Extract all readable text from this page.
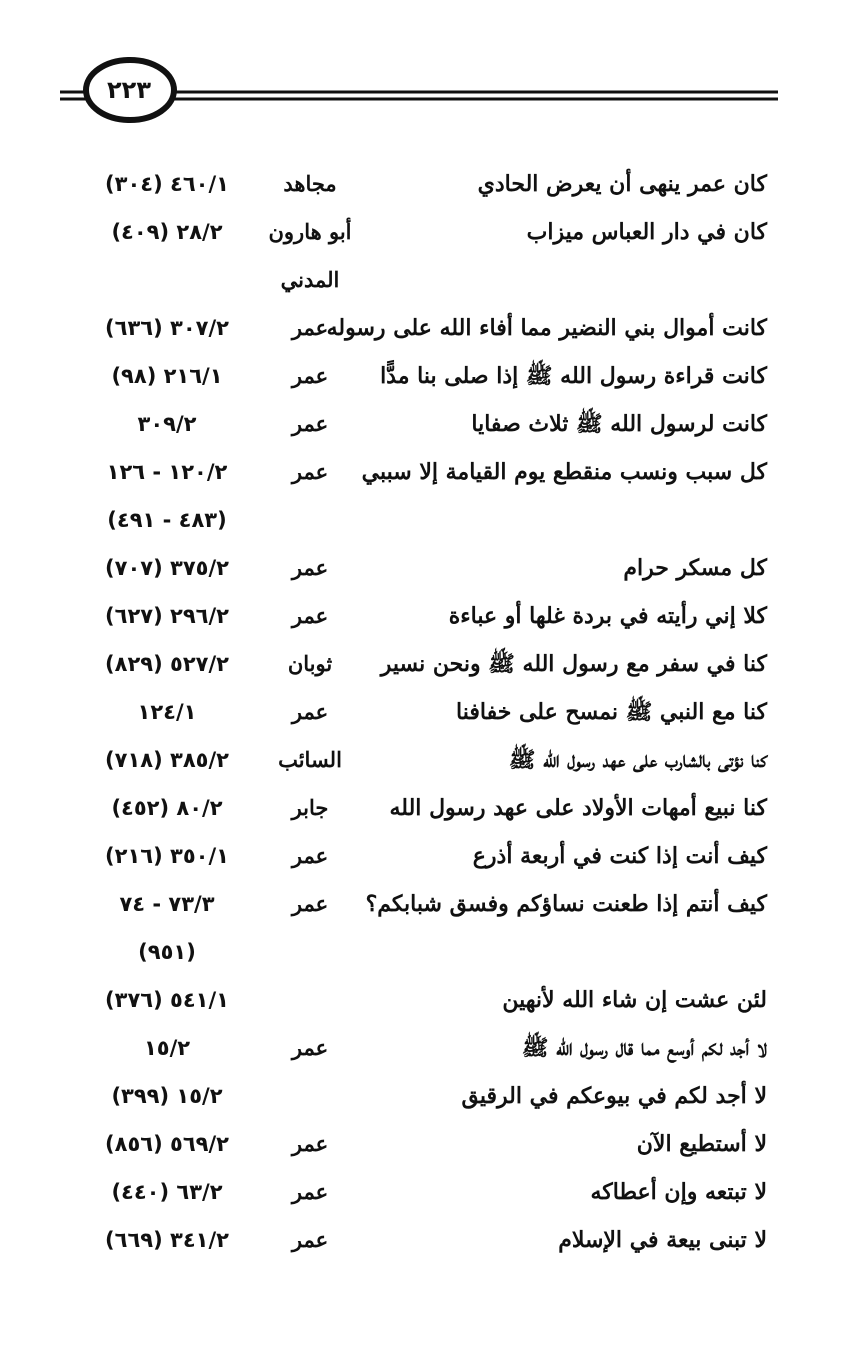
٢٢٣
كان عمر ينهى أن يعرض الحادي
مجاهد
٤٦٠/١ (٣٠٤)
كان في دار العباس ميزاب
أبو هارون
٢٨/٢ (٤٠٩)
المدني
كانت أموال بني النضير مما أفاء الله على رسوله
عمر
٣٠٧/٢ (٦٣٦)
كانت قراءة رسول الله ﷺ إذا صلى بنا مدًّا
عمر
٢١٦/١ (٩٨)
كانت لرسول الله ﷺ ثلاث صفايا
عمر
٣٠٩/٢
كل سبب ونسب منقطع يوم القيامة إلا سببي
عمر
١٢٠/٢ - ١٢٦
(٤٨٣ - ٤٩١)
كل مسكر حرام
عمر
٣٧٥/٢ (٧٠٧)
كلا إني رأيته في بردة غلها أو عباءة
عمر
٢٩٦/٢ (٦٢٧)
كنا في سفر مع رسول الله ﷺ ونحن نسير
ثوبان
٥٢٧/٢ (٨٢٩)
كنا مع النبي ﷺ نمسح على خفافنا
عمر
١٢٤/١
كنا نؤتى بالشارب على عهد رسول الله ﷺ
السائب
٣٨٥/٢ (٧١٨)
كنا نبيع أمهات الأولاد على عهد رسول الله
جابر
٨٠/٢ (٤٥٢)
كيف أنت إذا كنت في أربعة أذرع
عمر
٣٥٠/١ (٢١٦)
كيف أنتم إذا طعنت نساؤكم وفسق شبابكم؟
عمر
٧٣/٣ - ٧٤
(٩٥١)
لئن عشت إن شاء الله لأنهين
٥٤١/١ (٣٧٦)
لا أجد لكم أوسع مما قال رسول الله ﷺ
عمر
١٥/٢
لا أجد لكم في بيوعكم في الرقيق
١٥/٢ (٣٩٩)
لا أستطيع الآن
عمر
٥٦٩/٢ (٨٥٦)
لا تبتعه وإن أعطاكه
عمر
٦٣/٢ (٤٤٠)
لا تبنى بيعة في الإسلام
عمر
٣٤١/٢ (٦٦٩)
